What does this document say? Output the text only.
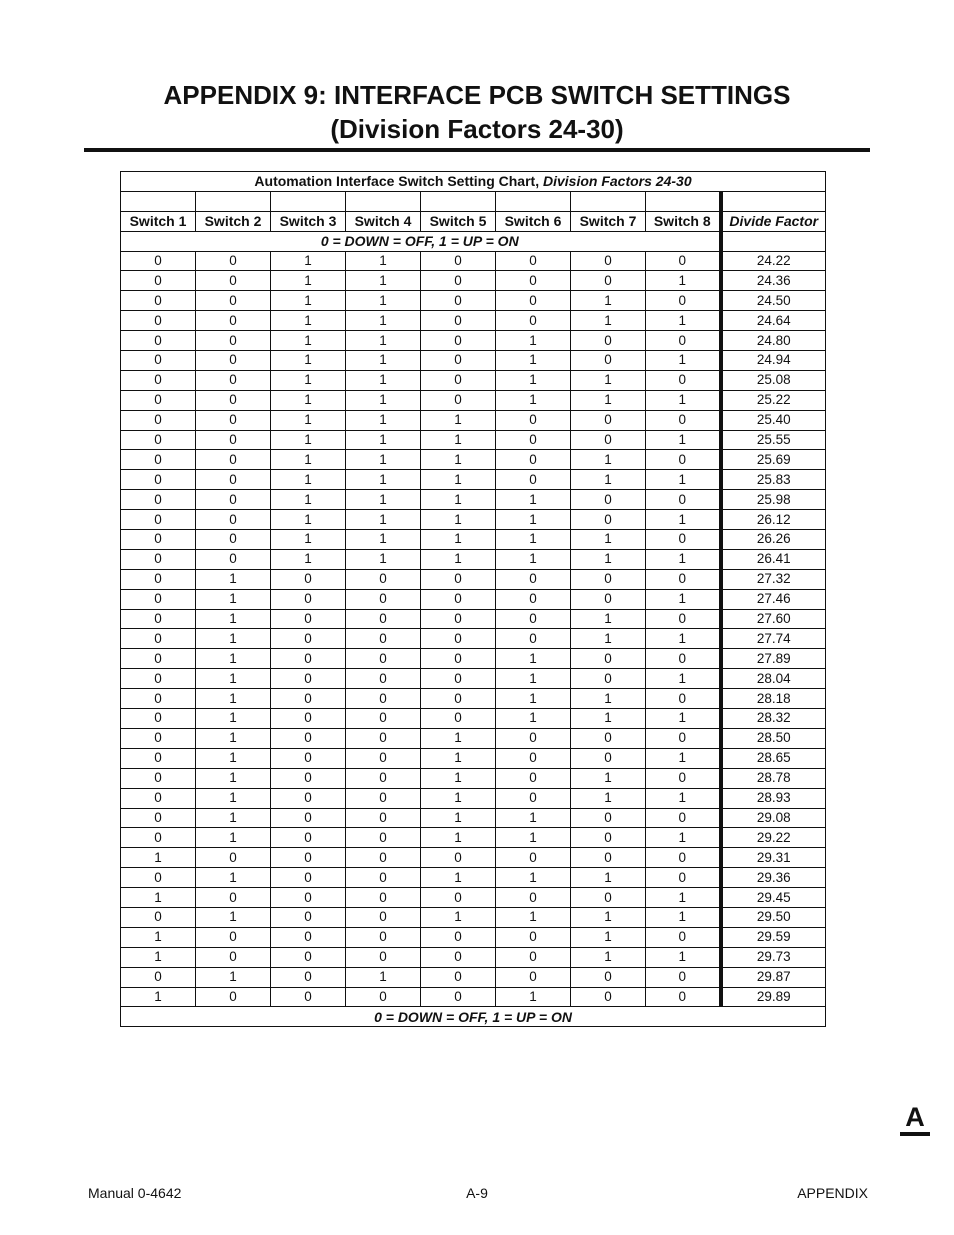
APPENDIX 9: INTERFACE PCB SWITCH SETTINGS
(Division Factors 24-30)
Automation Interface Switch Setting Chart, Division Factors 24-30								

Switch 1	Switch 2	Switch 3	Switch 4	Switch 5	Switch 6	Switch 7	Switch 8	Divide Factor
0 = DOWN = OFF, 1 = UP = ON								
0	0	1	1	0	0	0	0	24.22
0	0	1	1	0	0	0	1	24.36
0	0	1	1	0	0	1	0	24.50
0	0	1	1	0	0	1	1	24.64
0	0	1	1	0	1	0	0	24.80
0	0	1	1	0	1	0	1	24.94
0	0	1	1	0	1	1	0	25.08
0	0	1	1	0	1	1	1	25.22
0	0	1	1	1	0	0	0	25.40
0	0	1	1	1	0	0	1	25.55
0	0	1	1	1	0	1	0	25.69
0	0	1	1	1	0	1	1	25.83
0	0	1	1	1	1	0	0	25.98
0	0	1	1	1	1	0	1	26.12
0	0	1	1	1	1	1	0	26.26
0	0	1	1	1	1	1	1	26.41
0	1	0	0	0	0	0	0	27.32
0	1	0	0	0	0	0	1	27.46
0	1	0	0	0	0	1	0	27.60
0	1	0	0	0	0	1	1	27.74
0	1	0	0	0	1	0	0	27.89
0	1	0	0	0	1	0	1	28.04
0	1	0	0	0	1	1	0	28.18
0	1	0	0	0	1	1	1	28.32
0	1	0	0	1	0	0	0	28.50
0	1	0	0	1	0	0	1	28.65
0	1	0	0	1	0	1	0	28.78
0	1	0	0	1	0	1	1	28.93
0	1	0	0	1	1	0	0	29.08
0	1	0	0	1	1	0	1	29.22
1	0	0	0	0	0	0	0	29.31
0	1	0	0	1	1	1	0	29.36
1	0	0	0	0	0	0	1	29.45
0	1	0	0	1	1	1	1	29.50
1	0	0	0	0	0	1	0	29.59
1	0	0	0	0	0	1	1	29.73
0	1	0	1	0	0	0	0	29.87
1	0	0	0	0	1	0	0	29.89
0 = DOWN = OFF, 1 = UP = ON								
A
Manual 0-4642	A-9	APPENDIX
